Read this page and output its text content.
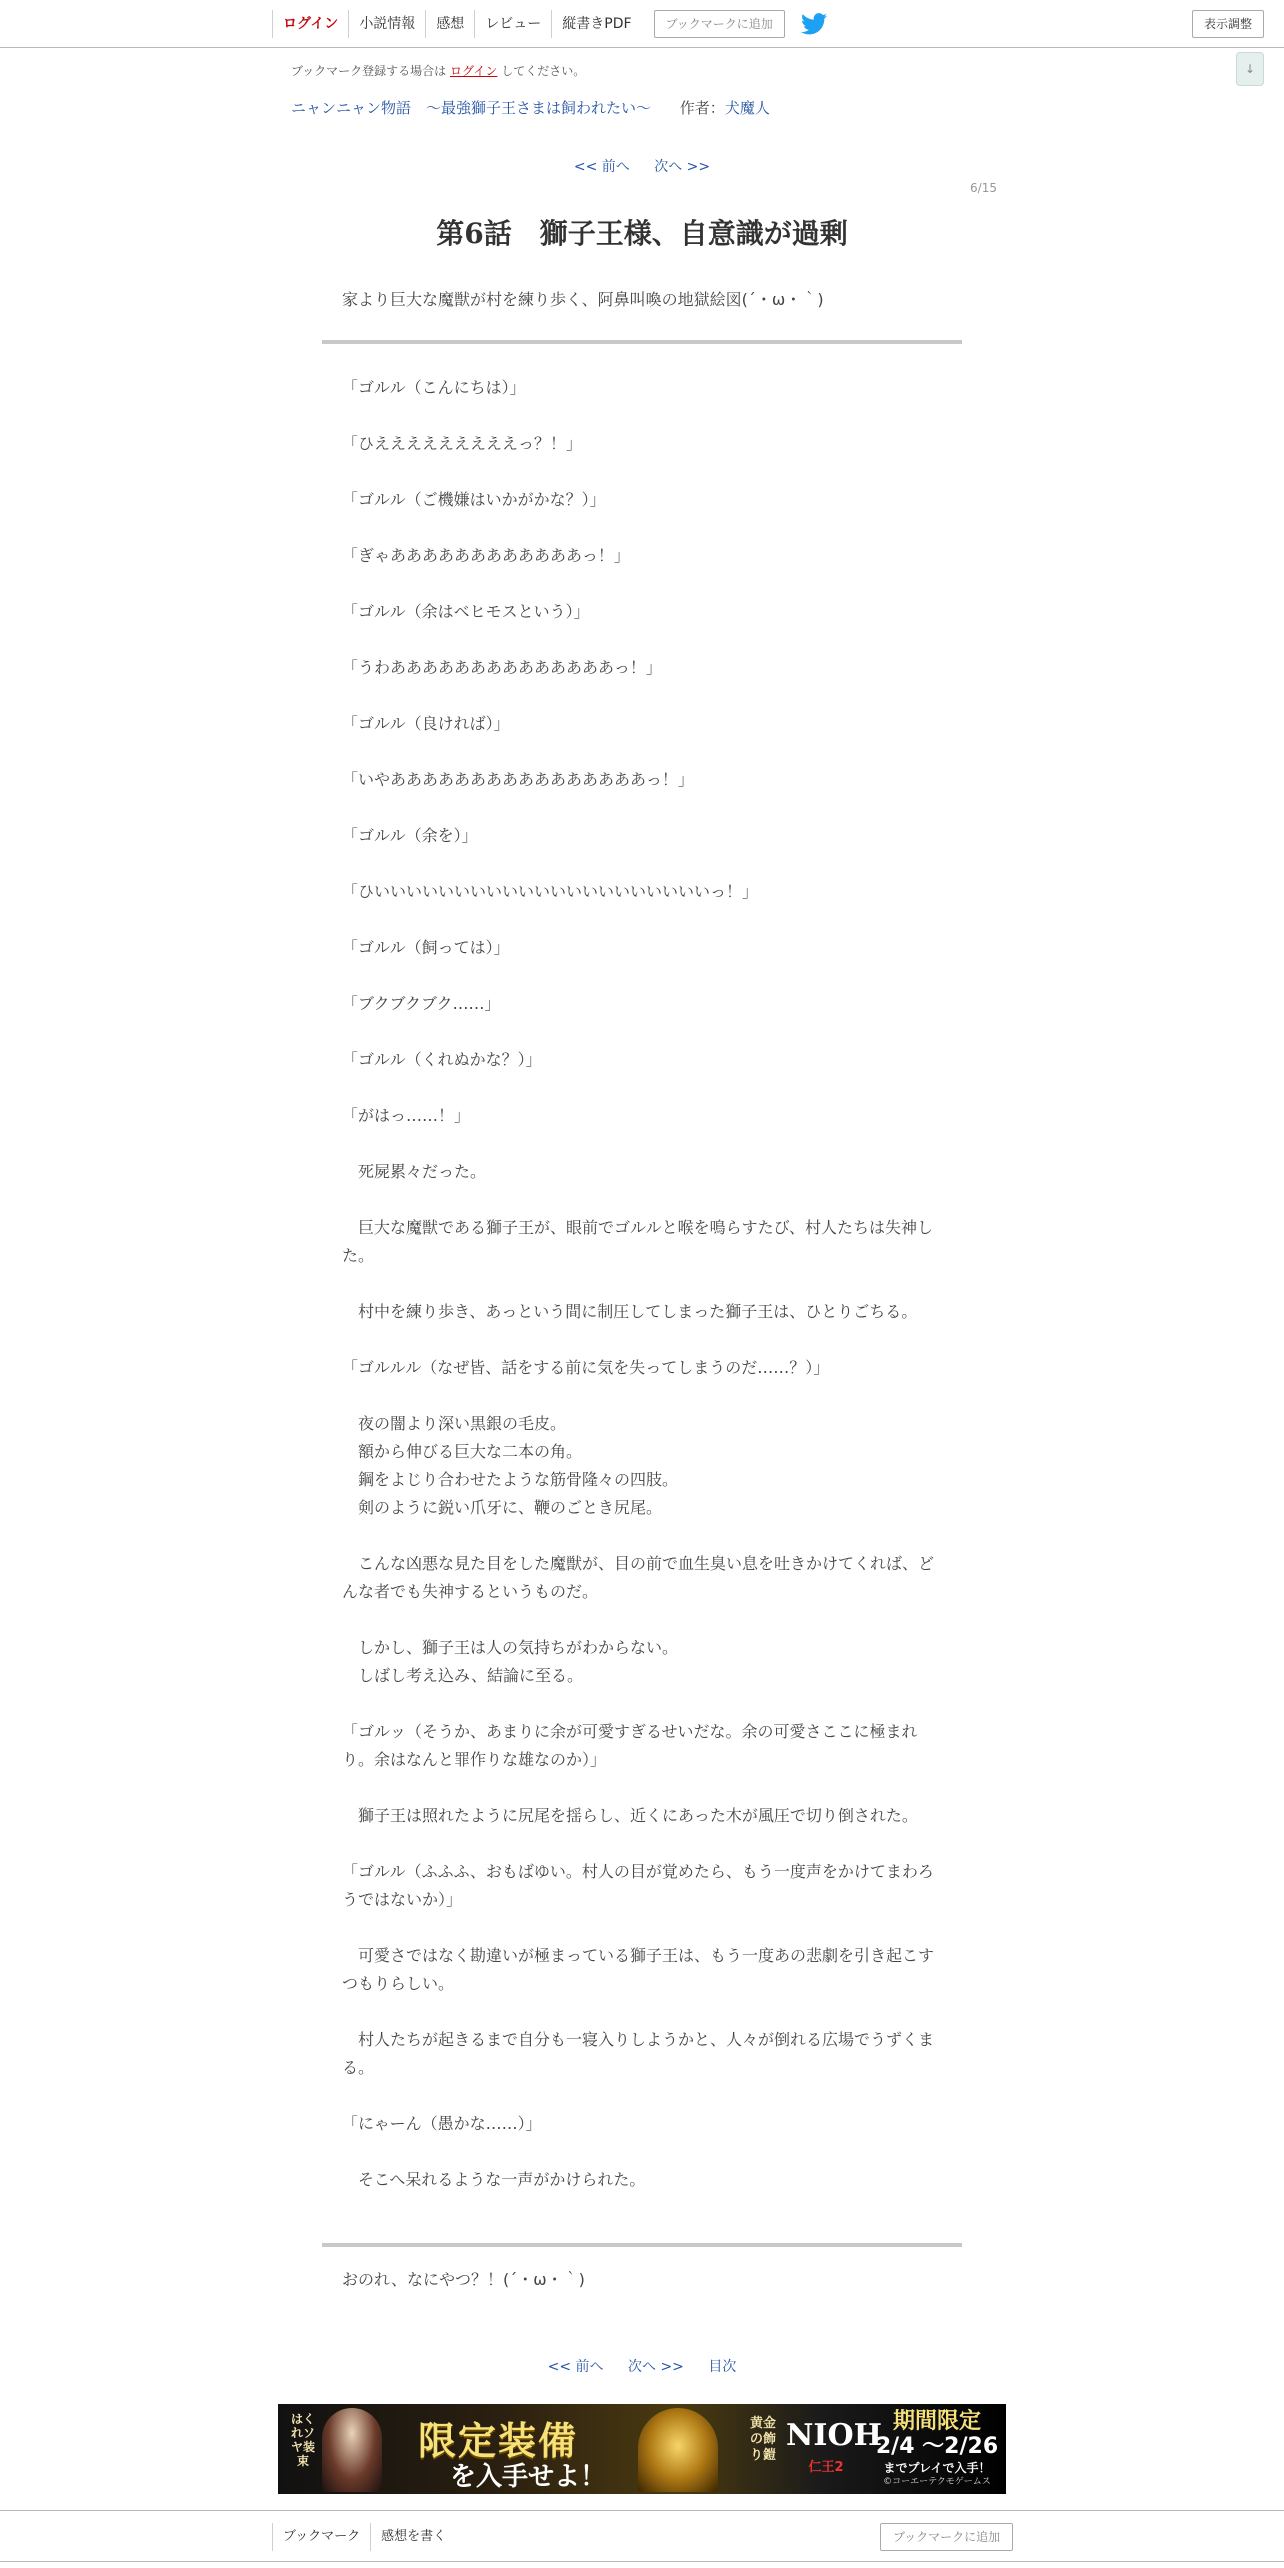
ログイン	小説情報	感想	レビュー	縦書きPDF	ブックマークに追加	表示調整
ブックマーク登録する場合は ログイン してください。	↓
ニャンニャン物語　～最強獅子王さまは飼われたい～ 作者：犬魔人
<< 前へ 次へ >>
6/15
第6話　獅子王様、自意識が過剰
家より巨大な魔獣が村を練り歩く、阿鼻叫喚の地獄絵図(´・ω・｀)

「ゴルル（こんにちは）」

「ひえええええええええっ？！」

「ゴルル（ご機嫌はいかがかな？）」

「ぎゃああああああああああああっ！」

「ゴルル（余はベヒモスという）」

「うわああああああああああああああっ！」

「ゴルル（良ければ）」

「いやああああああああああああああああっ！」

「ゴルル（余を）」

「ひいいいいいいいいいいいいいいいいいいいいいっ！」

「ゴルル（飼っては）」

「ブクブクブク……」

「ゴルル（くれぬかな？）」

「がはっ……！」

　死屍累々だった。

　巨大な魔獣である獅子王が、眼前でゴルルと喉を鳴らすたび、村人たちは失神した。

　村中を練り歩き、あっという間に制圧してしまった獅子王は、ひとりごちる。

「ゴルルル（なぜ皆、話をする前に気を失ってしまうのだ……？）」

　夜の闇より深い黒銀の毛皮。

　額から伸びる巨大な二本の角。

　鋼をよじり合わせたような筋骨隆々の四肢。

　剣のように鋭い爪牙に、鞭のごとき尻尾。

　こんな凶悪な見た目をした魔獣が、目の前で血生臭い息を吐きかけてくれば、どんな者でも失神するというものだ。

　しかし、獅子王は人の気持ちがわからない。

　しばし考え込み、結論に至る。

「ゴルッ（そうか、あまりに余が可愛すぎるせいだな。余の可愛さここに極まれり。余はなんと罪作りな雄なのか）」

　獅子王は照れたように尻尾を揺らし、近くにあった木が風圧で切り倒された。

「ゴルル（ふふふ、おもばゆい。村人の目が覚めたら、もう一度声をかけてまわろうではないか）」

　可愛さではなく勘違いが極まっている獅子王は、もう一度あの悲劇を引き起こすつもりらしい。

　村人たちが起きるまで自分も一寝入りしようかと、人々が倒れる広場でうずくまる。

「にゃーん（愚かな……）」

　そこへ呆れるような一声がかけられた。

おのれ、なにやつ？！(´・ω・｀)
<< 前へ 次へ >> 目次
はくれソヤ装束	限定装備
を入手せよ！
黄金の飾り鎧
NIOH
仁王2
期間限定
2/4 ～2/26
までプレイで入手！
©コーエーテクモゲームス
ブックマーク	感想を書く	ブックマークに追加
